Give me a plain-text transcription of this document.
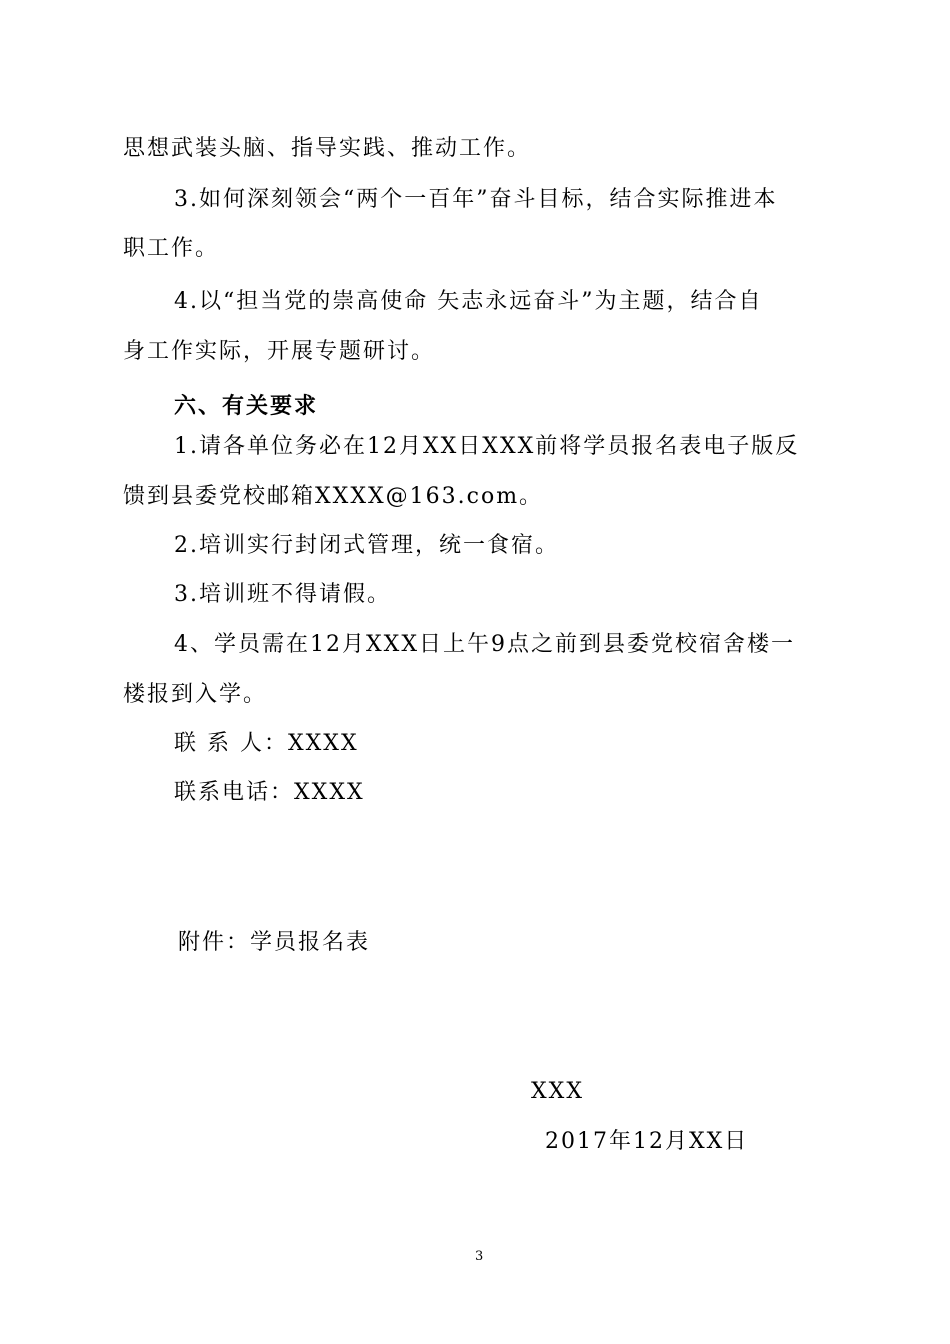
思想武装头脑、指导实践、推动工作。
3.如何深刻领会“两个一百年”奋斗目标，结合实际推进本
职工作。
4.以“担当党的崇高使命 矢志永远奋斗”为主题，结合自
身工作实际，开展专题研讨。
六、有关要求
1.请各单位务必在12月XX日XXX前将学员报名表电子版反
馈到县委党校邮箱XXXX@163.com。
2.培训实行封闭式管理，统一食宿。
3.培训班不得请假。
4、学员需在12月XXX日上午9点之前到县委党校宿舍楼一
楼报到入学。
联 系 人：XXXX
联系电话：XXXX
附件：学员报名表
XXX
2017年12月XX日
3
